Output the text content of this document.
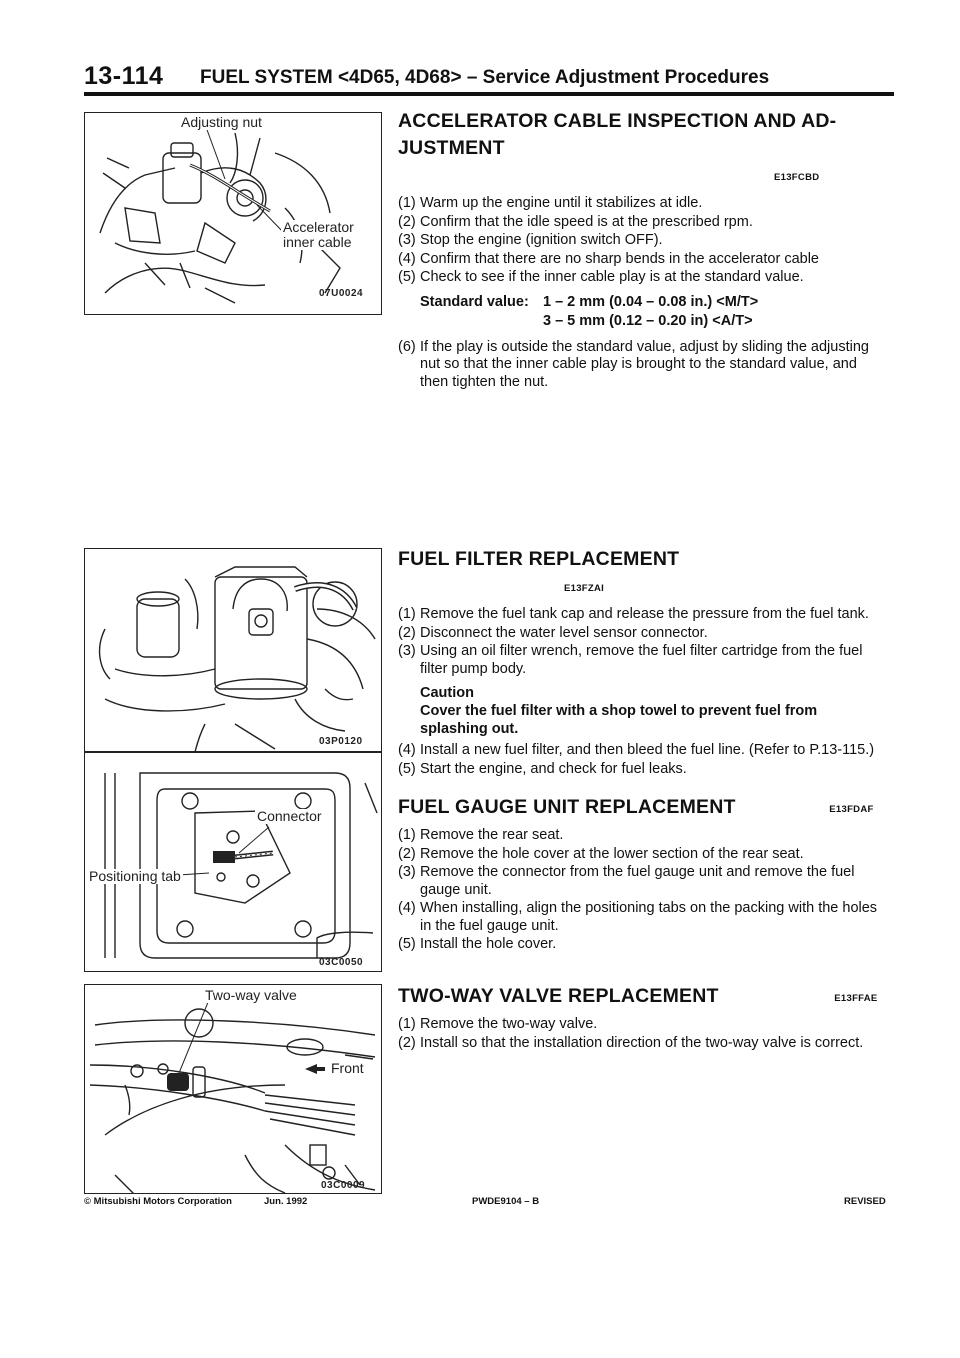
13-114 FUEL SYSTEM <4D65, 4D68> – Service Adjustment Procedures
Adjusting nut
Accelerator
inner cable
07U0024
03P0120
Connector
Positioning tab
03C0050
Two-way valve
Front
03C0009
ACCELERATOR CABLE INSPECTION AND AD-
JUSTMENT E13FCBD
(1) Warm up the engine until it stabilizes at idle.
(2) Confirm that the idle speed is at the prescribed rpm.
(3) Stop the engine (ignition switch OFF).
(4) Confirm that there are no sharp bends in the accelerator cable
(5) Check to see if the inner cable play is at the standard value.
Standard value: 1 – 2 mm (0.04 – 0.08 in.) <M/T>
3 – 5 mm (0.12 – 0.20 in) <A/T>
(6) If the play is outside the standard value, adjust by sliding the adjusting nut so that the inner cable play is brought to the standard value, and then tighten the nut.
FUEL FILTER REPLACEMENT E13FZAI
(1) Remove the fuel tank cap and release the pressure from the fuel tank.
(2) Disconnect the water level sensor connector.
(3) Using an oil filter wrench, remove the fuel filter cartridge from the fuel filter pump body.
Caution
Cover the fuel filter with a shop towel to prevent fuel from splashing out.
(4) Install a new fuel filter, and then bleed the fuel line. (Refer to P.13-115.)
(5) Start the engine, and check for fuel leaks.
FUEL GAUGE UNIT REPLACEMENT	E13FDAF
(1) Remove the rear seat.
(2) Remove the hole cover at the lower section of the rear seat.
(3) Remove the connector from the fuel gauge unit and remove the fuel gauge unit.
(4) When installing, align the positioning tabs on the packing with the holes in the fuel gauge unit.
(5) Install the hole cover.
TWO-WAY VALVE REPLACEMENT	E13FFAE
(1) Remove the two-way valve.
(2) Install so that the installation direction of the two-way valve is correct.
© Mitsubishi Motors Corporation	Jun. 1992	PWDE9104 – B	REVISED
